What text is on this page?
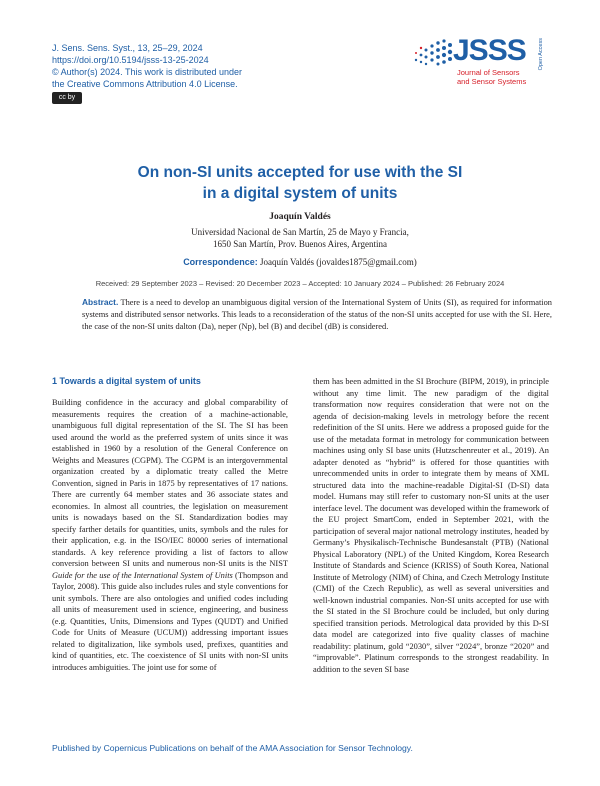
J. Sens. Sens. Syst., 13, 25–29, 2024
https://doi.org/10.5194/jsss-13-25-2024
© Author(s) 2024. This work is distributed under
the Creative Commons Attribution 4.0 License.
cc by
JSSS
Journal of Sensors
and Sensor Systems
Open Access
On non-SI units accepted for use with the SI
in a digital system of units
Joaquín Valdés
Universidad Nacional de San Martín, 25 de Mayo y Francia,
1650 San Martín, Prov. Buenos Aires, Argentina
Correspondence: Joaquín Valdés (jovaldes1875@gmail.com)
Received: 29 September 2023 – Revised: 20 December 2023 – Accepted: 10 January 2024 – Published: 26 February 2024
Abstract. There is a need to develop an unambiguous digital version of the International System of Units (SI), as required for information systems and distributed sensor networks. This leads to a reconsideration of the status of the non-SI units accepted for use with the SI. Here, the case of the non-SI units dalton (Da), neper (Np), bel (B) and decibel (dB) is considered.
1 Towards a digital system of units
Building confidence in the accuracy and global comparability of measurements requires the creation of a machine-actionable, unambiguous full digital representation of the SI. The SI has been used around the world as the preferred system of units since it was established in 1960 by a resolution of the General Conference on Weights and Measures (CGPM). The CGPM is an intergovernmental organization created by a diplomatic treaty called the Metre Convention, signed in Paris in 1875 by representatives of 17 nations. There are currently 64 member states and 36 associate states and economies. In almost all countries, the legislation on measurement units is nowadays based on the SI. Standardization bodies may specify farther details for quantities, units, symbols and the rules for their application, e.g. in the ISO/IEC 80000 series of international standards. A key reference providing a list of factors to allow conversion between SI units and numerous non-SI units is the NIST Guide for the use of the International System of Units (Thompson and Taylor, 2008). This guide also includes rules and style conventions for unit symbols. There are also ontologies and unified codes including all units of measurement used in science, engineering, and business (e.g. Quantities, Units, Dimensions and Types (QUDT) and Unified Code for Units of Measure (UCUM)) addressing important issues related to digitalization, like symbols used, prefixes, quantities and kind of quantities, etc. The coexistence of SI units with non-SI units introduces ambiguities. The joint use for some of
them has been admitted in the SI Brochure (BIPM, 2019), in principle without any time limit. The new paradigm of the digital transformation now requires consideration that were not on the agenda of decision-making levels in metrology before the recent redefinition of the SI units. Here we address a proposed guide for the use of the metadata format in metrology for communication between machines using only SI base units (Hutzschenreuter et al., 2019). An adapter denoted as “hybrid” is offered for those quantities with unrecommended units in order to integrate them by means of XML structured data into the machine-readable Digital-SI (D-SI) data model. Humans may still refer to customary non-SI units at the user interface level. The document was developed within the framework of the EU project SmartCom, ended in September 2021, with the participation of several major national metrology institutes, headed by Germany’s Physikalisch-Technische Bundesanstalt (PTB) (National Physical Laboratory (NPL) of the United Kingdom, Korea Research Institute of Standards and Science (KRISS) of South Korea, National Institute of Metrology (NIM) of China, and Czech Metrology Institute (CMI) of the Czech Republic), as well as several universities and well-known industrial companies. Non-SI units accepted for use with the SI stated in the SI Brochure could be included, but only during specified transition periods. Metrological data provided by this D-SI data model are categorized into five quality classes of machine readability: platinum, gold “2030”, silver “2024”, bronze “2020” and “improvable”. Platinum corresponds to the strongest readability. In addition to the seven SI base
Published by Copernicus Publications on behalf of the AMA Association for Sensor Technology.
